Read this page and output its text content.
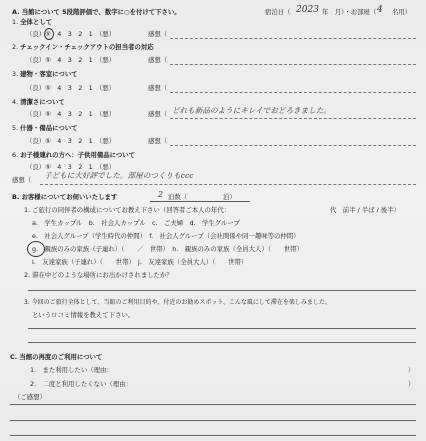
A. 当館について 5段階評価で、数字に○を付けて下さい。	宿泊日（ 2023 年　月）・お部屋（ 4 名用）
1. 全体として
（良）⑤　4　3　2　1　（悪）	感想（
2. チェックイン・チェックアウトの担当者の対応
（良）⑤　4　3　2　1　（悪）	感想（
3. 建物・客室について
（良）⑤　4　3　2　1　（悪）	感想（
4. 清潔さについて
（良）⑤　4　3　2　1　（悪）	感想（ どれも新品のようにキレイでおどろきました。
5. 什器・備品について
（良）⑤　4　3　2　1　（悪）	感想（
6. お子様連れの方へ：子供用備品について
（良）⑤　4　3　2　1　（悪）
感想（ 子どもに大好評でした。部屋のつくりもccc
B. お客様についてお伺いいたします	2 泊数（	泊）
1. ご旅行の同伴者の構成についてお教え下さい（回答者ご本人の年代：	代　前半 / 半ば / 後半）
a.　学生カップル　b.　社会人カップル　c.　ご夫婦　d.　学生グループ
e.　社会人グループ（学生時代の仲間）　f.　社会人グループ（会社関係や同一趣味等の仲間）
g.　親族のみの家族（子連れ）（　　／　世帯）　h.　親族のみの家族（全員大人）（　　世帯）
i.　友達家族（子連れ）（　　世帯）　j.　友達家族（全員大人）（　　世帯）
2. 滞在中どのような場所にお出かけされましたか？
3. 今回のご旅行全体として、当館のご利用目的や、付近のお勧めスポット、こんな風にして滞在を楽しみました、
というロコミ情報を教えて下さい。
C. 当館の再度のご利用について
1.　また利用したい（理由：	）
2.　二度と利用したくない（理由：	）
（ご感想）
